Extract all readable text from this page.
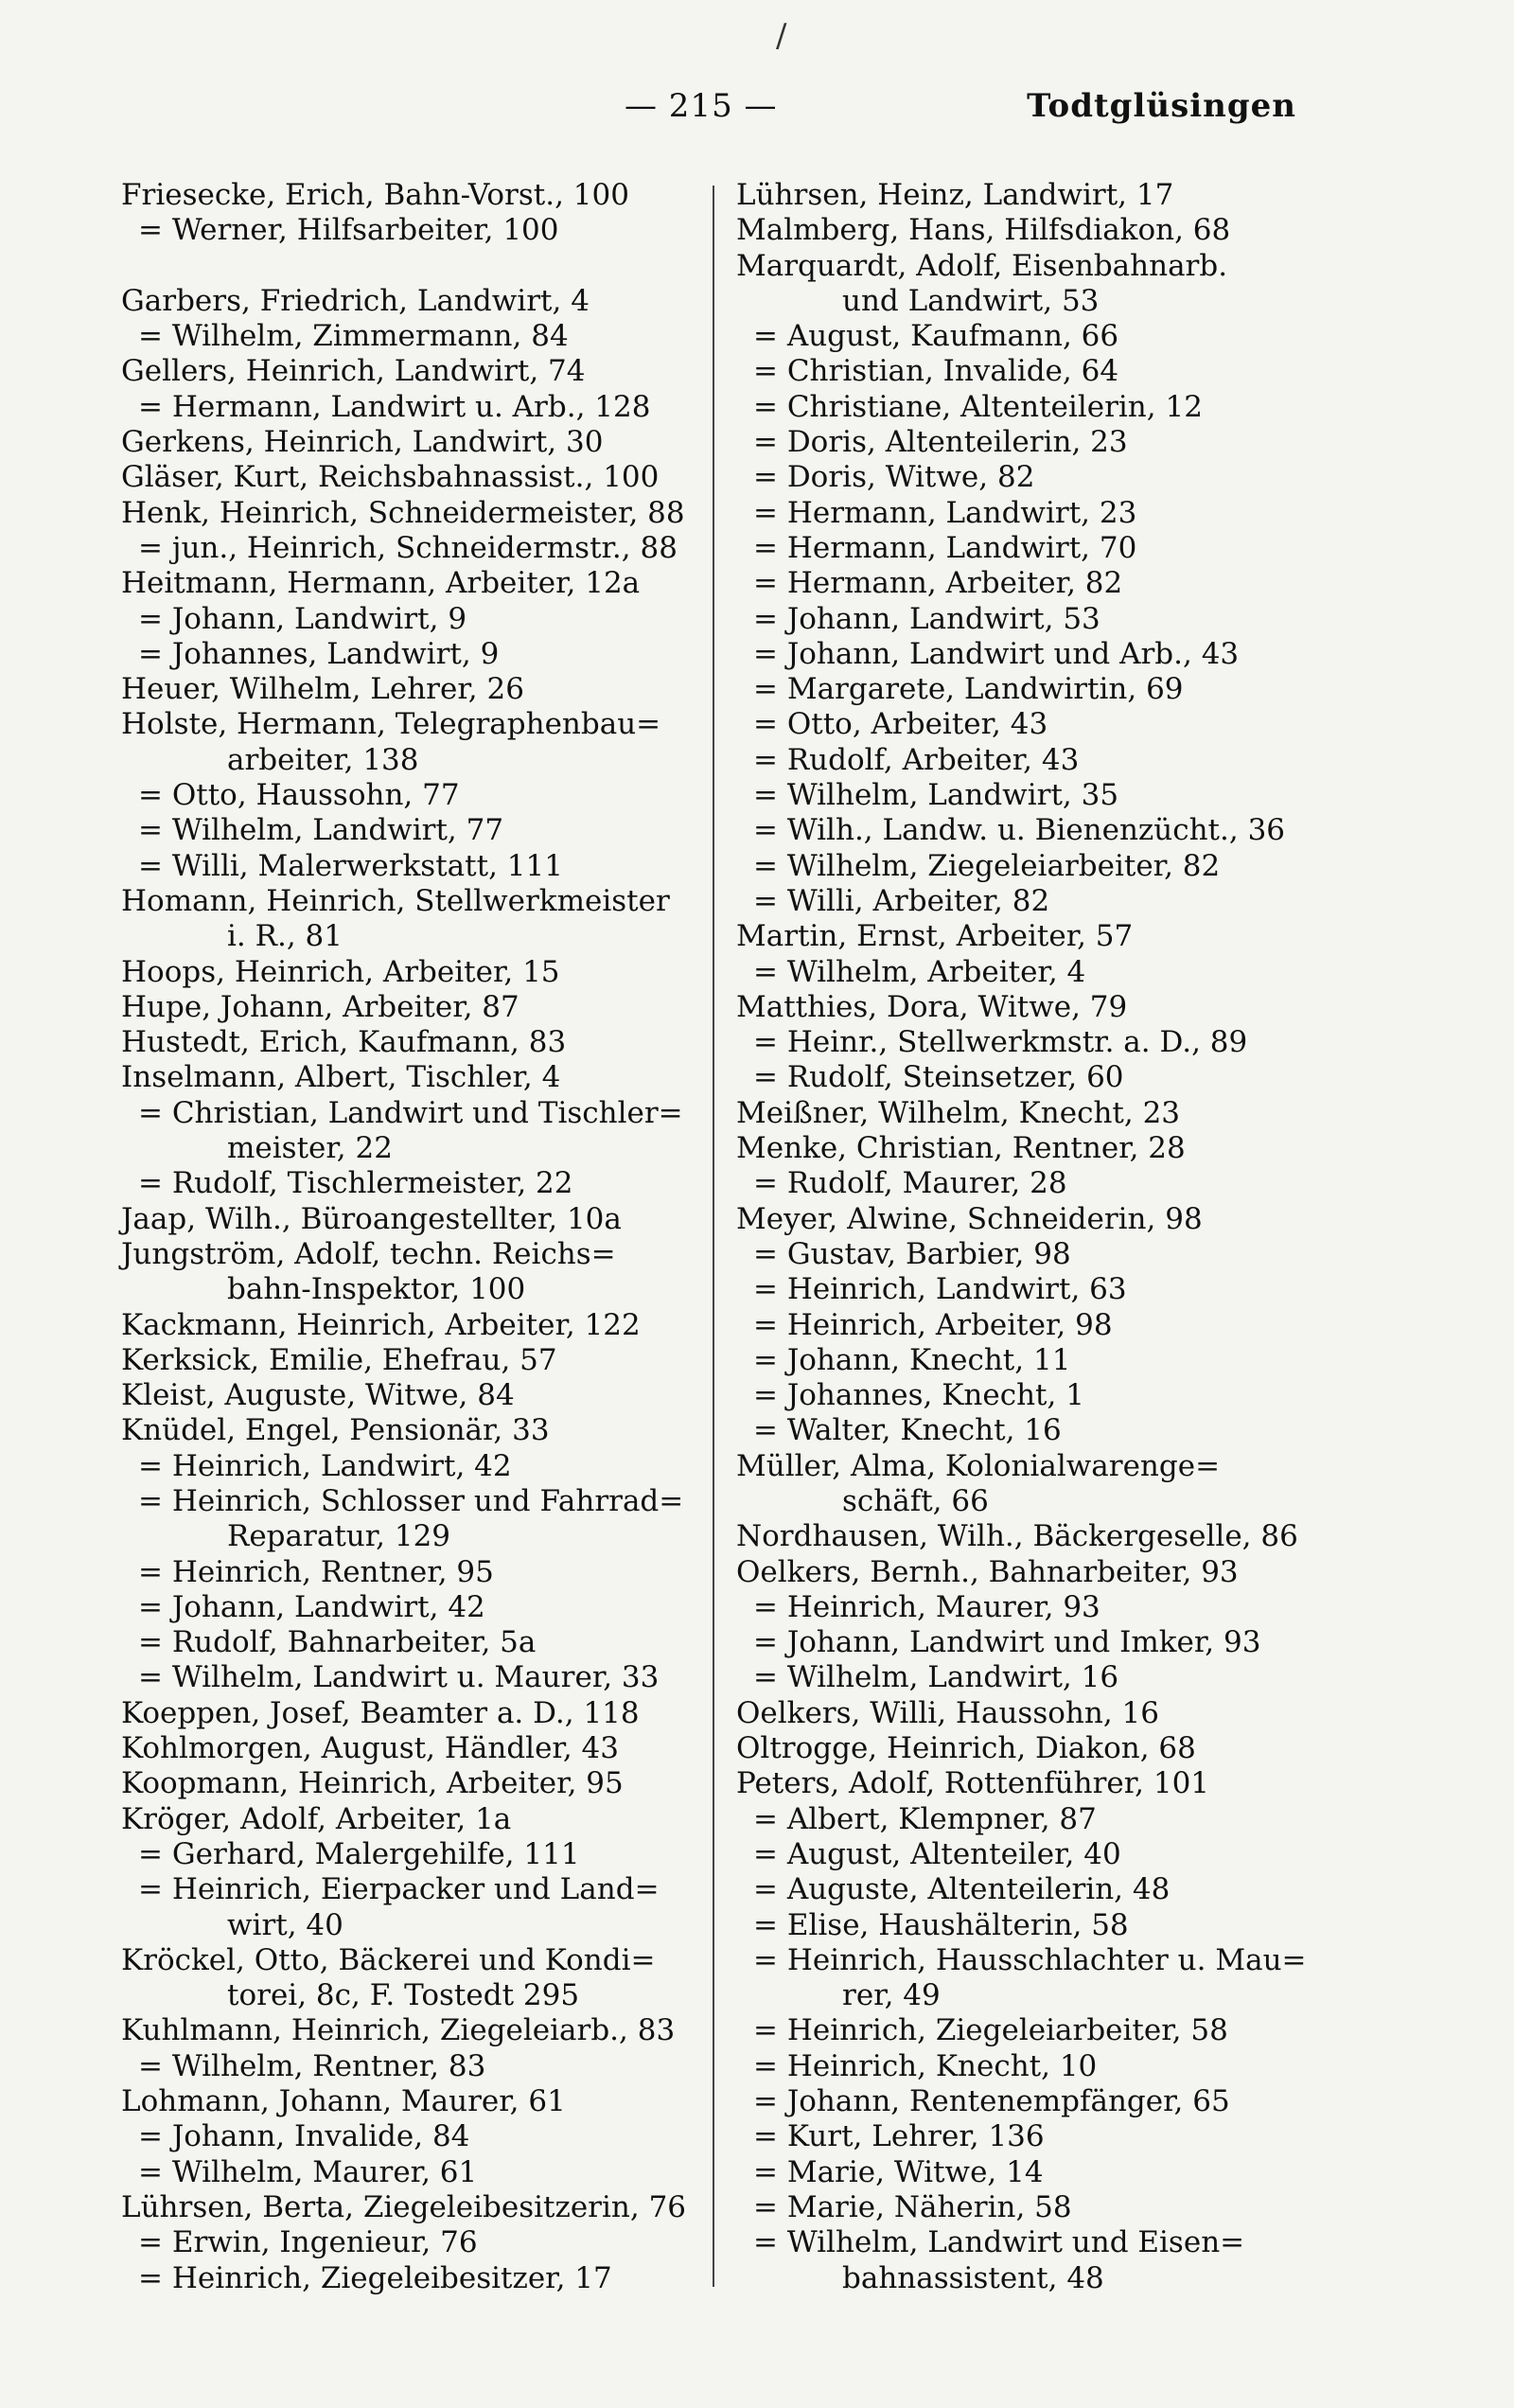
/
— 215 —	Todtglüsingen
Friesecke, Erich, Bahn-Vorst., 100
= Werner, Hilfsarbeiter, 100
Garbers, Friedrich, Landwirt, 4
= Wilhelm, Zimmermann, 84
Gellers, Heinrich, Landwirt, 74
= Hermann, Landwirt u. Arb., 128
Gerkens, Heinrich, Landwirt, 30
Gläser, Kurt, Reichsbahnassist., 100
Henk, Heinrich, Schneidermeister, 88
= jun., Heinrich, Schneidermstr., 88
Heitmann, Hermann, Arbeiter, 12a
= Johann, Landwirt, 9
= Johannes, Landwirt, 9
Heuer, Wilhelm, Lehrer, 26
Holste, Hermann, Telegraphenbau=
arbeiter, 138
= Otto, Haussohn, 77
= Wilhelm, Landwirt, 77
= Willi, Malerwerkstatt, 111
Homann, Heinrich, Stellwerkmeister
i. R., 81
Hoops, Heinrich, Arbeiter, 15
Hupe, Johann, Arbeiter, 87
Hustedt, Erich, Kaufmann, 83
Inselmann, Albert, Tischler, 4
= Christian, Landwirt und Tischler=
meister, 22
= Rudolf, Tischlermeister, 22
Jaap, Wilh., Büroangestellter, 10a
Jungström, Adolf, techn. Reichs=
bahn-Inspektor, 100
Kackmann, Heinrich, Arbeiter, 122
Kerksick, Emilie, Ehefrau, 57
Kleist, Auguste, Witwe, 84
Knüdel, Engel, Pensionär, 33
= Heinrich, Landwirt, 42
= Heinrich, Schlosser und Fahrrad=
Reparatur, 129
= Heinrich, Rentner, 95
= Johann, Landwirt, 42
= Rudolf, Bahnarbeiter, 5a
= Wilhelm, Landwirt u. Maurer, 33
Koeppen, Josef, Beamter a. D., 118
Kohlmorgen, August, Händler, 43
Koopmann, Heinrich, Arbeiter, 95
Kröger, Adolf, Arbeiter, 1a
= Gerhard, Malergehilfe, 111
= Heinrich, Eierpacker und Land=
wirt, 40
Kröckel, Otto, Bäckerei und Kondi=
torei, 8c, F. Tostedt 295
Kuhlmann, Heinrich, Ziegeleiarb., 83
= Wilhelm, Rentner, 83
Lohmann, Johann, Maurer, 61
= Johann, Invalide, 84
= Wilhelm, Maurer, 61
Lührsen, Berta, Ziegeleibesitzerin, 76
= Erwin, Ingenieur, 76
= Heinrich, Ziegeleibesitzer, 17
Lührsen, Heinz, Landwirt, 17
Malmberg, Hans, Hilfsdiakon, 68
Marquardt, Adolf, Eisenbahnarb.
und Landwirt, 53
= August, Kaufmann, 66
= Christian, Invalide, 64
= Christiane, Altenteilerin, 12
= Doris, Altenteilerin, 23
= Doris, Witwe, 82
= Hermann, Landwirt, 23
= Hermann, Landwirt, 70
= Hermann, Arbeiter, 82
= Johann, Landwirt, 53
= Johann, Landwirt und Arb., 43
= Margarete, Landwirtin, 69
= Otto, Arbeiter, 43
= Rudolf, Arbeiter, 43
= Wilhelm, Landwirt, 35
= Wilh., Landw. u. Bienenzücht., 36
= Wilhelm, Ziegeleiarbeiter, 82
= Willi, Arbeiter, 82
Martin, Ernst, Arbeiter, 57
= Wilhelm, Arbeiter, 4
Matthies, Dora, Witwe, 79
= Heinr., Stellwerkmstr. a. D., 89
= Rudolf, Steinsetzer, 60
Meißner, Wilhelm, Knecht, 23
Menke, Christian, Rentner, 28
= Rudolf, Maurer, 28
Meyer, Alwine, Schneiderin, 98
= Gustav, Barbier, 98
= Heinrich, Landwirt, 63
= Heinrich, Arbeiter, 98
= Johann, Knecht, 11
= Johannes, Knecht, 1
= Walter, Knecht, 16
Müller, Alma, Kolonialwarenge=
schäft, 66
Nordhausen, Wilh., Bäckergeselle, 86
Oelkers, Bernh., Bahnarbeiter, 93
= Heinrich, Maurer, 93
= Johann, Landwirt und Imker, 93
= Wilhelm, Landwirt, 16
Oelkers, Willi, Haussohn, 16
Oltrogge, Heinrich, Diakon, 68
Peters, Adolf, Rottenführer, 101
= Albert, Klempner, 87
= August, Altenteiler, 40
= Auguste, Altenteilerin, 48
= Elise, Haushälterin, 58
= Heinrich, Hausschlachter u. Mau=
rer, 49
= Heinrich, Ziegeleiarbeiter, 58
= Heinrich, Knecht, 10
= Johann, Rentenempfänger, 65
= Kurt, Lehrer, 136
= Marie, Witwe, 14
= Marie, Näherin, 58
= Wilhelm, Landwirt und Eisen=
bahnassistent, 48
